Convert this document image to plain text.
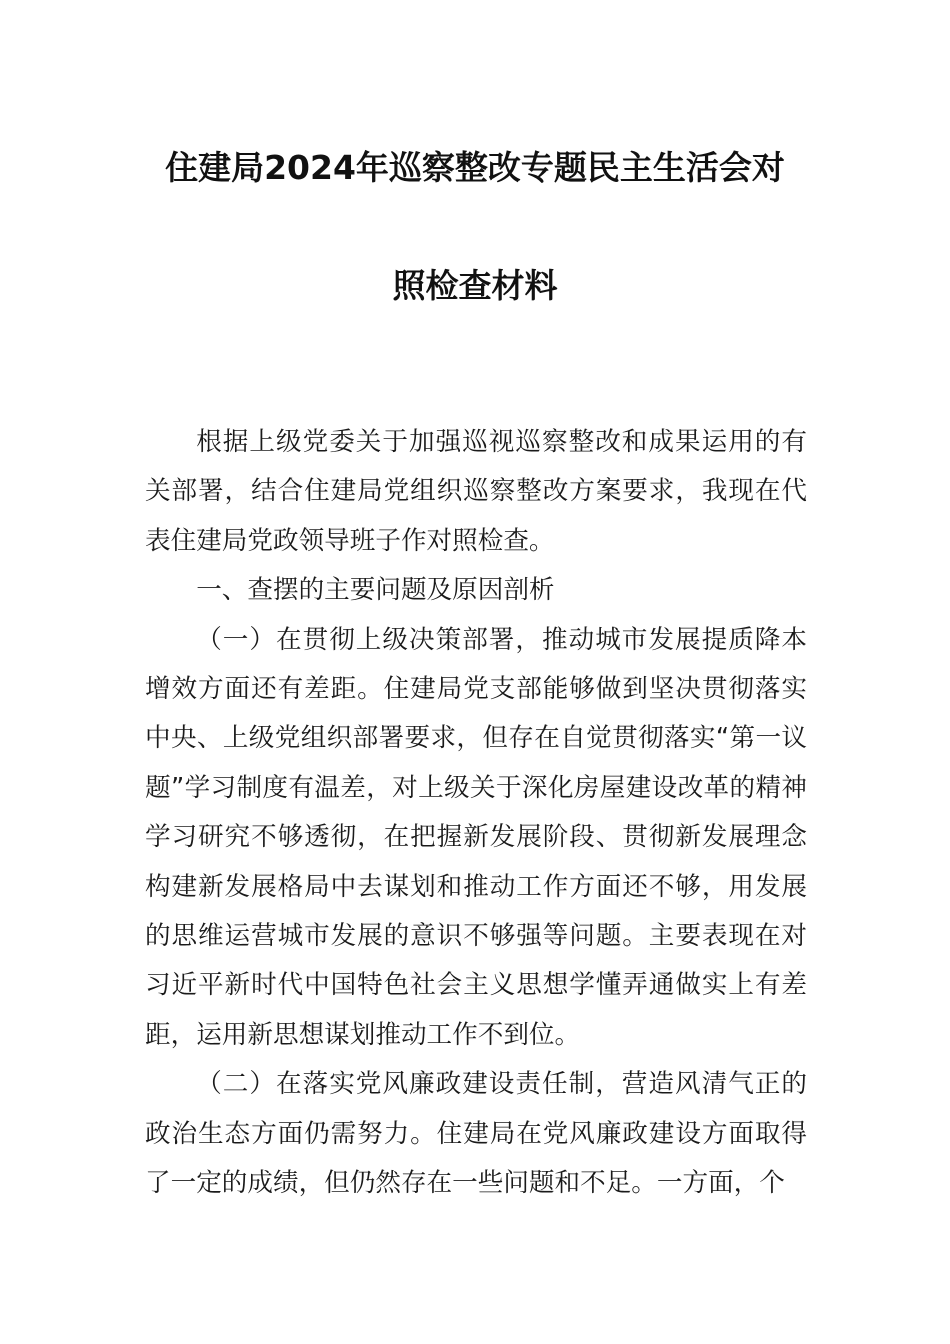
住建局2024年巡察整改专题民主生活会对

照检查材料

根据上级党委关于加强巡视巡察整改和成果运用的有关部署，结合住建局党组织巡察整改方案要求，我现在代表住建局党政领导班子作对照检查。

一、查摆的主要问题及原因剖析

（一）在贯彻上级决策部署，推动城市发展提质降本增效方面还有差距。住建局党支部能够做到坚决贯彻落实中央、上级党组织部署要求，但存在自觉贯彻落实“第一议题”学习制度有温差，对上级关于深化房屋建设改革的精神学习研究不够透彻，在把握新发展阶段、贯彻新发展理念构建新发展格局中去谋划和推动工作方面还不够，用发展的思维运营城市发展的意识不够强等问题。主要表现在对习近平新时代中国特色社会主义思想学懂弄通做实上有差距，运用新思想谋划推动工作不到位。

（二）在落实党风廉政建设责任制，营造风清气正的政治生态方面仍需努力。住建局在党风廉政建设方面取得了一定的成绩，但仍然存在一些问题和不足。一方面，个
